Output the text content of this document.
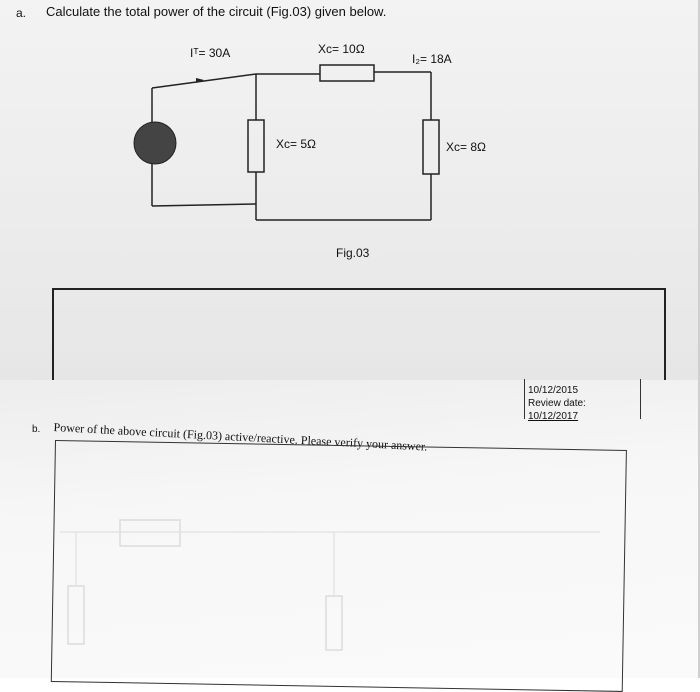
a. Calculate the total power of the circuit (Fig.03) given below.
Iᵀ= 30A	Xᴄ= 10Ω
I₂= 18A
Xᴄ= 5Ω	Xᴄ= 8Ω
Fig.03
10/12/2015
Review date:
10/12/2017
b. Power of the above circuit (Fig.03) active/reactive. Please verify your answer.
